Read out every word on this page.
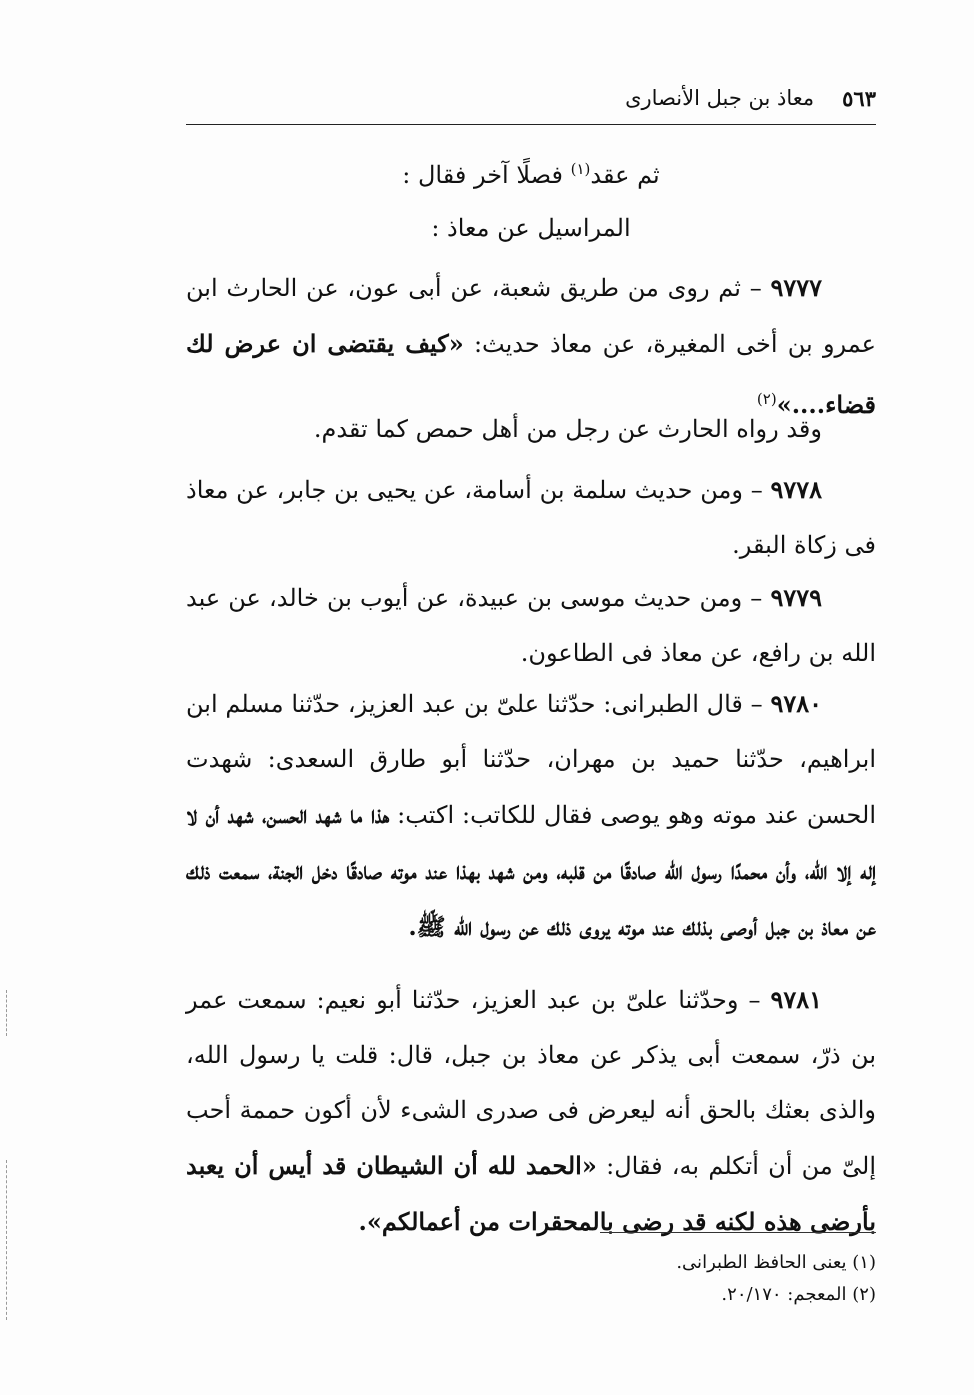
٥٦٣
معاذ بن جبل الأنصارى
ثم عقد$^{(١)}$ فصلًا آخر فقال :
المراسيل عن معاذ :
٩٧٧٧ – ثم روى من طريق شعبة، عن أبى عون، عن الحارث ابن عمرو بن أخى المغيرة، عن معاذ حديث: «كيف يقتضى ان عرض لك قضاء....»$^{(٢)}$
وقد رواه الحارث عن رجل من أهل حمص كما تقدم.
٩٧٧٨ – ومن حديث سلمة بن أسامة، عن يحيى بن جابر، عن معاذ فى زكاة البقر.
٩٧٧٩ – ومن حديث موسى بن عبيدة، عن أيوب بن خالد، عن عبد الله بن رافع، عن معاذ فى الطاعون.
٩٧٨٠ – قال الطبرانى: حدّثنا علىّ بن عبد العزيز، حدّثنا مسلم ابن ابراهيم، حدّثنا حميد بن مهران، حدّثنا أبو طارق السعدى: شهدت الحسن عند موته وهو يوصى فقال للكاتب: اكتب: هذا ما شهد الحسن، شهد أن لا إله إلا الله، وأن محمدًا رسول الله صادقًا من قلبه، ومن شهد بهذا عند موته صادقًا دخل الجنة، سمعت ذلك عن معاذ بن جبل أوصى بذلك عند موته يروى ذلك عن رسول الله ﷺ.
٩٧٨١ – وحدّثنا علىّ بن عبد العزيز، حدّثنا أبو نعيم: سمعت عمر بن ذرّ، سمعت أبى يذكر عن معاذ بن جبل، قال: قلت يا رسول الله، والذى بعثك بالحق أنه ليعرض فى صدرى الشىء لأن أكون حممة أحب إلىّ من أن أتكلم به، فقال: «الحمد لله أن الشيطان قد أيس أن يعبد بأرضى هذه لكنه قد رضى بالمحقرات من أعمالكم».
(١) يعنى الحافظ الطبرانى.
(٢) المعجم: ٢٠/١٧٠.
